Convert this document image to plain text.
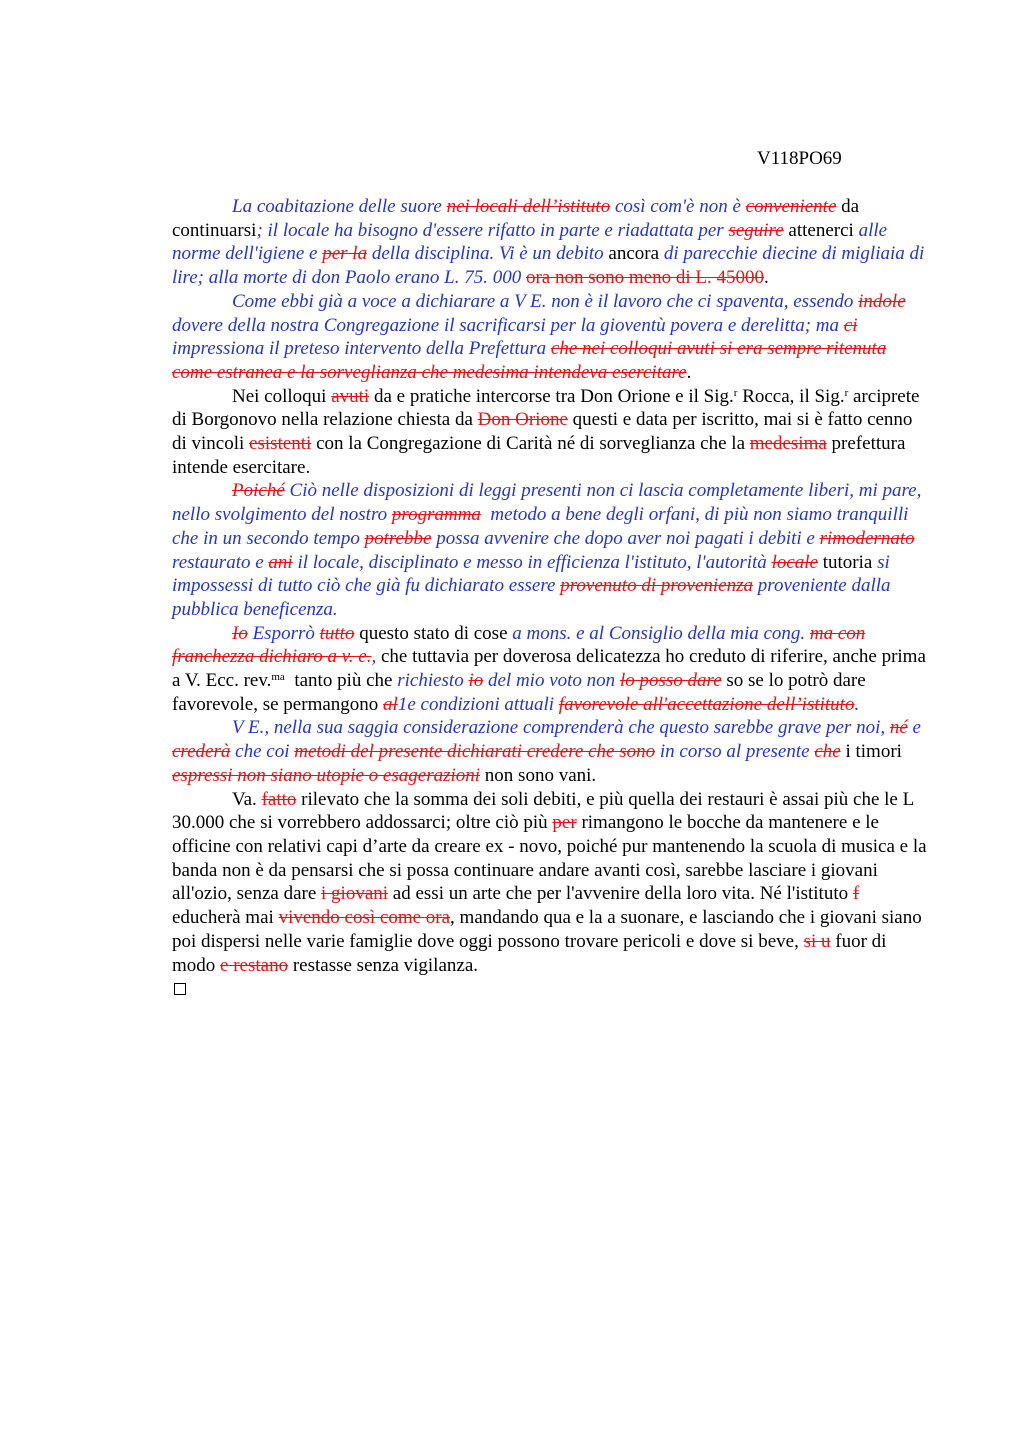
V118PO69

La coabitazione delle suore nei locali dell’istituto così com'è non è conveniente da continuarsi; il locale ha bisogno d'essere rifatto in parte e riadattata per seguire attenerci alle norme dell'igiene e per la della disciplina. Vi è un debito ancora di parecchie diecine di migliaia di lire; alla morte di don Paolo erano L. 75. 000 ora non sono meno di L. 45000.

Come ebbi già a voce a dichiarare a V E. non è il lavoro che ci spaventa, essendo indole dovere della nostra Congregazione il sacrificarsi per la gioventù povera e derelitta; ma ci impressiona il preteso intervento della Prefettura che nei colloqui avuti si era sempre ritenuta come estranea e la sorveglianza che medesima intendeva esercitare.

Nei colloqui avuti da e pratiche intercorse tra Don Orione e il Sig.$^r$ Rocca, il Sig.$^r$ arciprete di Borgonovo nella relazione chiesta da Don Orione questi e data per iscritto, mai si è fatto cenno di vincoli esistenti con la Congregazione di Carità né di sorveglianza che la medesima prefettura intende esercitare.

Poiché Ciò nelle disposizioni di leggi presenti non ci lascia completamente liberi, mi pare, nello svolgimento del nostro programma metodo a bene degli orfani, di più non siamo tranquilli che in un secondo tempo potrebbe possa avvenire che dopo aver noi pagati i debiti e rimodernato restaurato e ani il locale, disciplinato e messo in efficienza l'istituto, l'autorità locale tutoria si impossessi di tutto ciò che già fu dichiarato essere provenuto di provenienza proveniente dalla pubblica beneficenza.

Io Esporrò tutto questo stato di cose a mons. e al Consiglio della mia cong. ma con franchezza dichiaro a v. e., che tuttavia per doverosa delicatezza ho creduto di riferire, anche prima a V. Ecc. rev.$^{ma}$ tanto più che richiesto io del mio voto non lo posso dare so se lo potrò dare favorevole, se permangono al1e condizioni attuali favorevole all'accettazione dell’istituto.

V E., nella sua saggia considerazione comprenderà che questo sarebbe grave per noi, né e crederà che coi metodi del presente dichiarati credere che sono in corso al presente che i timori espressi non siano utopie o esagerazioni non sono vani.

Va. fatto rilevato che la somma dei soli debiti, e più quella dei restauri è assai più che le L 30.000 che si vorrebbero addossarci; oltre ciò più per rimangono le bocche da mantenere e le officine con relativi capi d’arte da creare ex - novo, poiché pur mantenendo la scuola di musica e la banda non è da pensarsi che si possa continuare andare avanti così, sarebbe lasciare i giovani all'ozio, senza dare i giovani ad essi un arte che per l'avvenire della loro vita. Né l'istituto f educherà mai vivendo così come ora, mandando qua e la a suonare, e lasciando che i giovani siano poi dispersi nelle varie famiglie dove oggi possono trovare pericoli e dove si beve, si u fuor di modo e restano restasse senza vigilanza.
